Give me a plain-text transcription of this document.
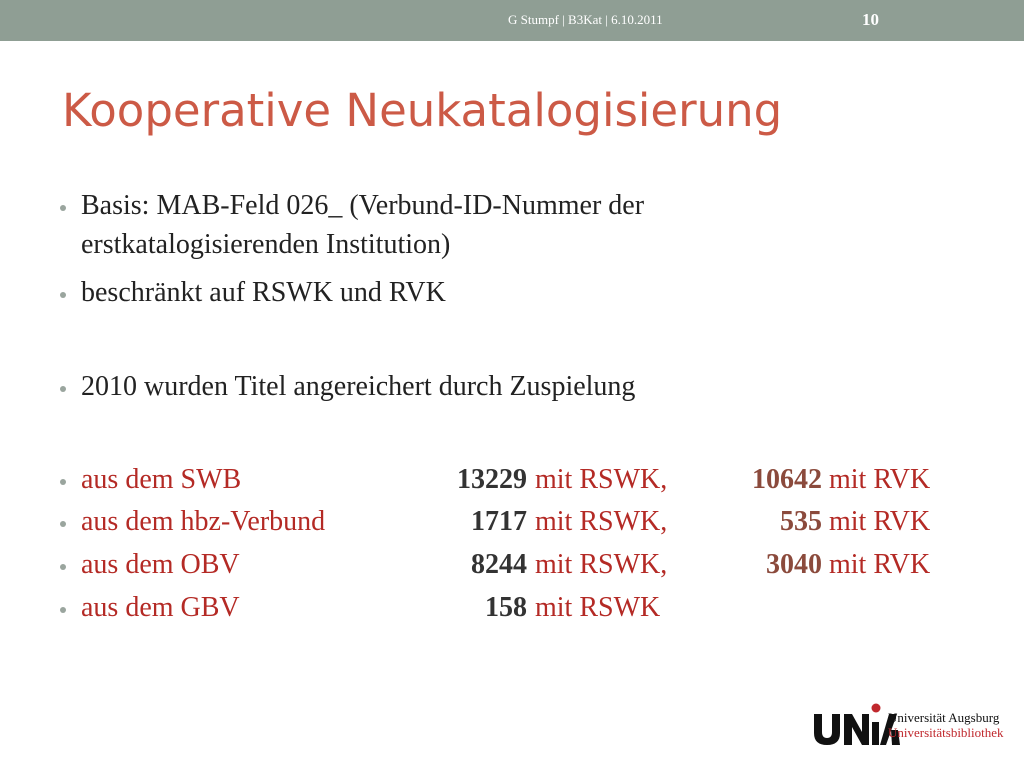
G Stumpf | B3Kat | 6.10.2011	10
Kooperative Neukatalogisierung
Basis: MAB-Feld 026_ (Verbund-ID-Nummer der
erstkatalogisierenden Institution)
beschränkt auf RSWK und RVK
2010 wurden Titel angereichert durch Zuspielung
aus dem SWB	13229 mit RSWK,	10642 mit RVK
aus dem hbz-Verbund	1717 mit RSWK,	535 mit RVK
aus dem OBV	8244 mit RSWK,	3040 mit RVK
aus dem GBV	158 mit RSWK
Universität Augsburg
Universitätsbibliothek
